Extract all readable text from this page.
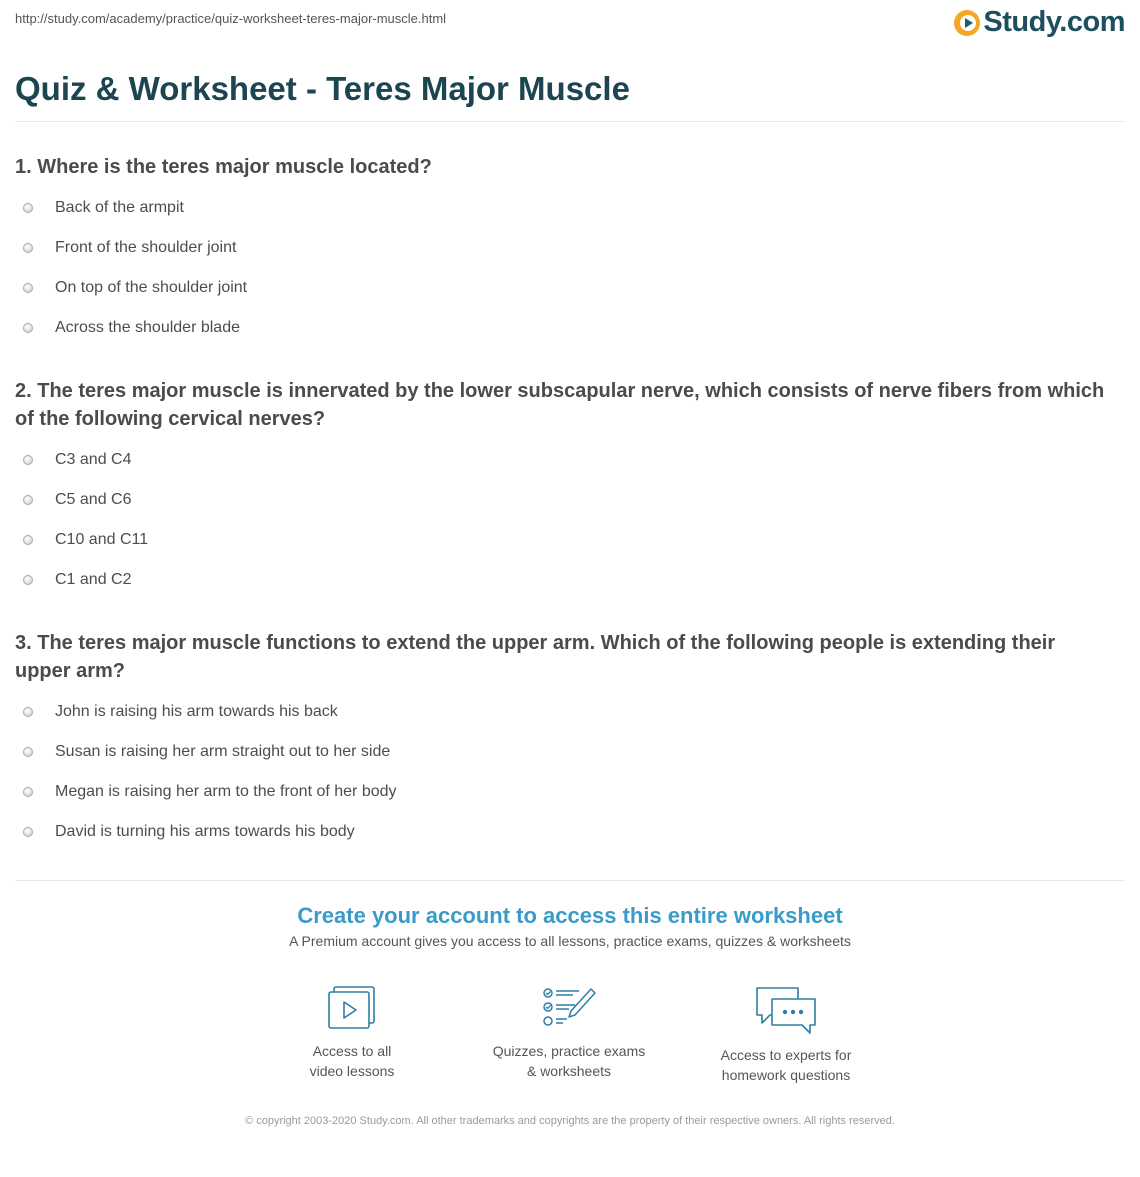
http://study.com/academy/practice/quiz-worksheet-teres-major-muscle.html	Study.com
Quiz & Worksheet - Teres Major Muscle

1. Where is the teres major muscle located?

Back of the armpit
Front of the shoulder joint
On top of the shoulder joint
Across the shoulder blade

2. The teres major muscle is innervated by the lower subscapular nerve, which consists of nerve fibers from which of the following cervical nerves?

C3 and C4
C5 and C6
C10 and C11
C1 and C2

3. The teres major muscle functions to extend the upper arm. Which of the following people is extending their upper arm?

John is raising his arm towards his back
Susan is raising her arm straight out to her side
Megan is raising her arm to the front of her body
David is turning his arms towards his body
Create your account to access this entire worksheet
A Premium account gives you access to all lessons, practice exams, quizzes & worksheets
Access to all
video lessons
Quizzes, practice exams
& worksheets
Access to experts for
homework questions
© copyright 2003-2020 Study.com. All other trademarks and copyrights are the property of their respective owners. All rights reserved.
